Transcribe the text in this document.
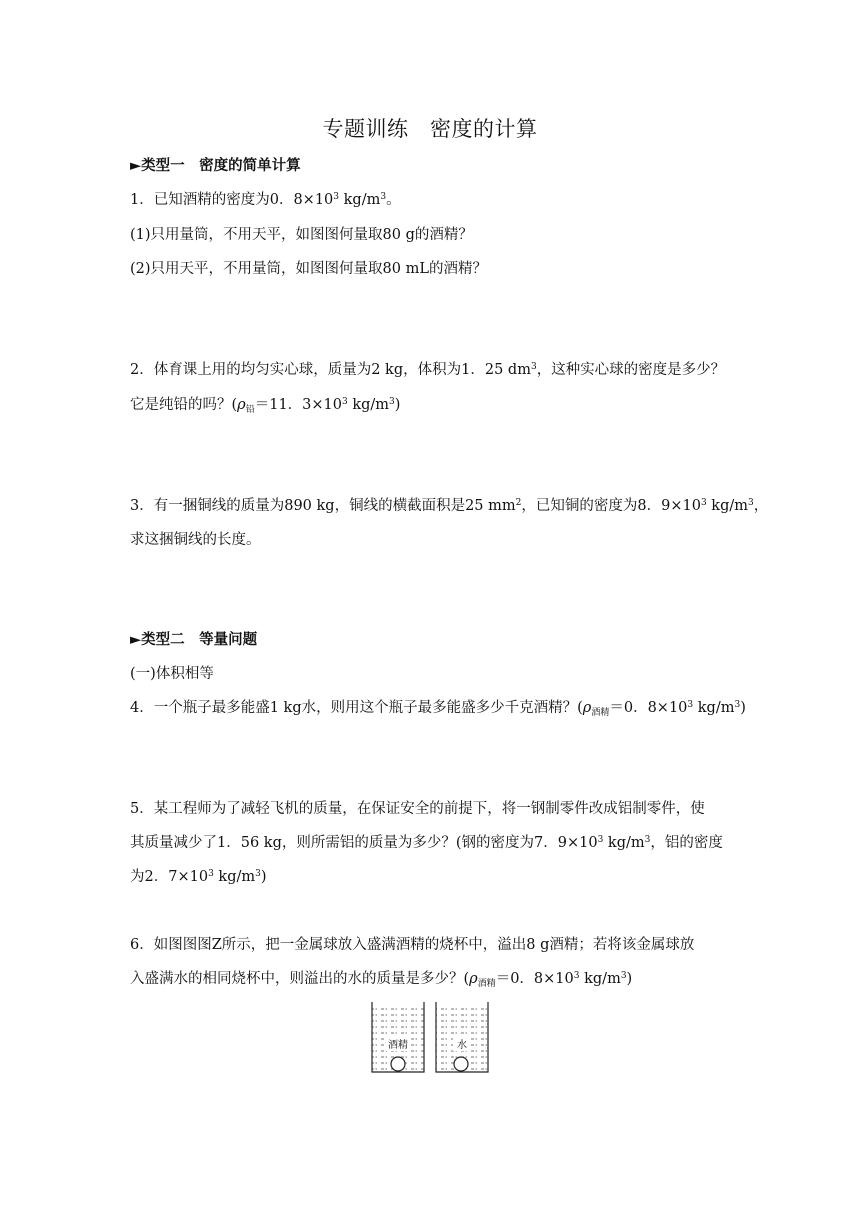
专题训练　密度的计算
►类型一　密度的简单计算
1．已知酒精的密度为0．$8\times 10^3$ $kg/m^3$。
(1)只用量筒，不用天平，如图图何量取80 g的酒精？
(2)只用天平，不用量筒，如图图何量取80 mL的酒精？
2．体育课上用的均匀实心球，质量为2 kg，体积为1．25 $dm^3$，这种实心球的密度是多少？
它是纯铅的吗？($\rho_铅=11$．$3\times 10^3$ $kg/m^3$)
3．有一捆铜线的质量为890 kg，铜线的横截面积是25 $mm^2$，已知铜的密度为8．$9\times 10^3$ $kg/m^3$，
求这捆铜线的长度。
►类型二　等量问题
(一)体积相等
4．一个瓶子最多能盛1 kg水，则用这个瓶子最多能盛多少千克酒精？($\rho_{酒精}=0$．$8\times 10^3$ $kg/m^3$)
5．某工程师为了减轻飞机的质量，在保证安全的前提下，将一钢制零件改成铝制零件，使
其质量减少了1．56 kg，则所需铝的质量为多少？(钢的密度为7．$9\times 10^3$ $kg/m^3$，铝的密度
为2．$7\times 10^3$ $kg/m^3$)
6．如图图图Z所示，把一金属球放入盛满酒精的烧杯中，溢出8 g酒精；若将该金属球放
入盛满水的相同烧杯中，则溢出的水的质量是多少？($\rho_{酒精}=0$．$8\times 10^3$ $kg/m^3$)
酒精	水
